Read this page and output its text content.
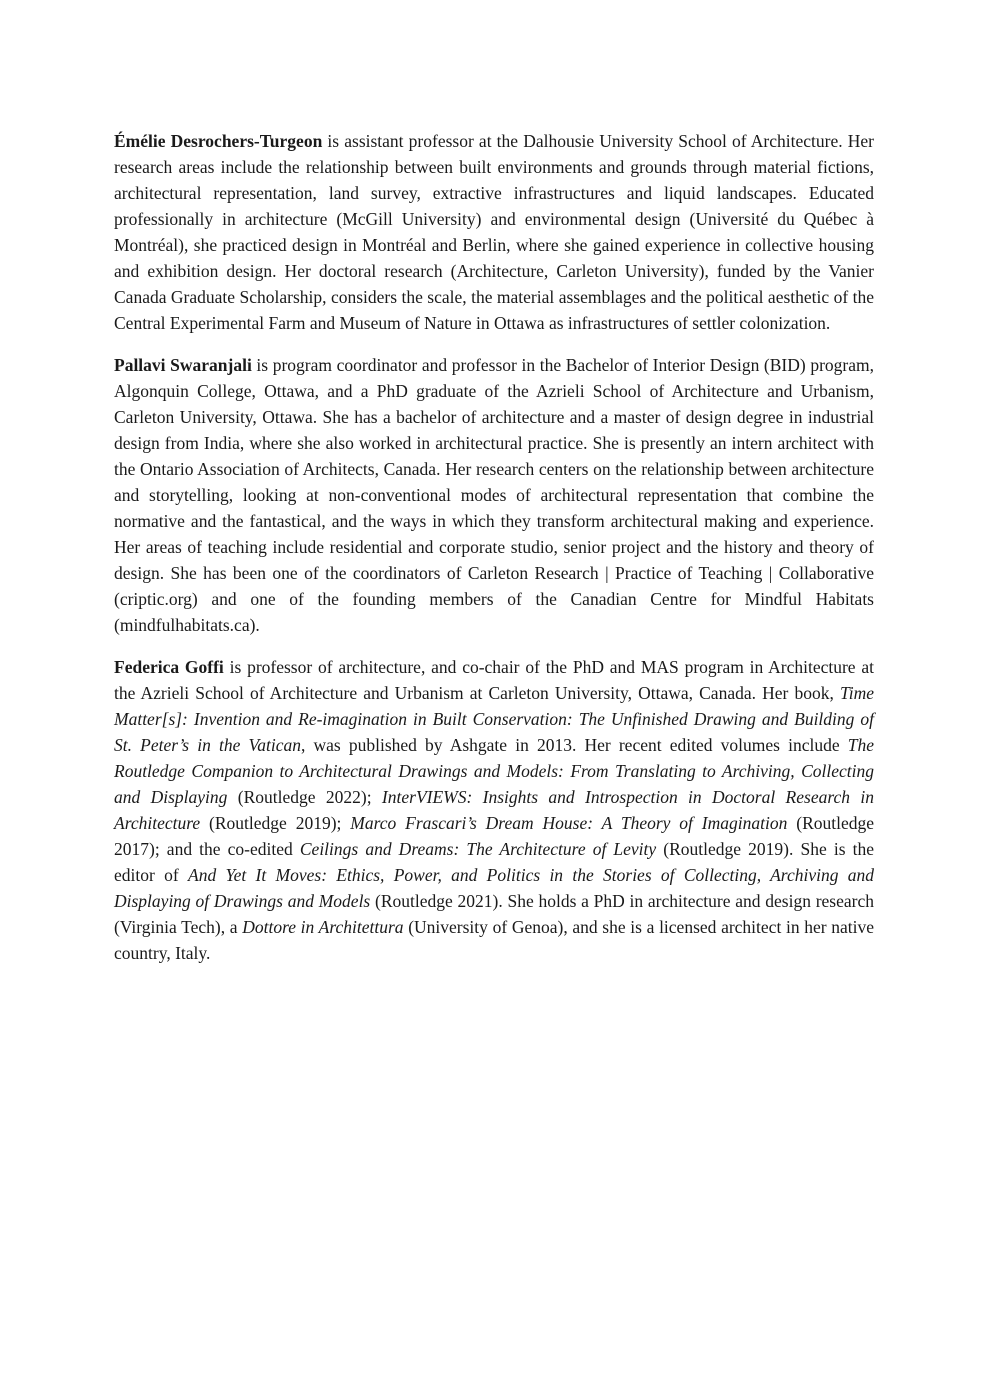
Émélie Desrochers-Turgeon is assistant professor at the Dalhousie University School of Architecture. Her research areas include the relationship between built environments and grounds through material fictions, architectural representation, land survey, extractive infrastructures and liquid landscapes. Educated professionally in architecture (McGill University) and environmental design (Université du Québec à Montréal), she practiced design in Montréal and Berlin, where she gained experience in collective housing and exhibition design. Her doctoral research (Architecture, Carleton University), funded by the Vanier Canada Graduate Scholarship, considers the scale, the material assemblages and the political aesthetic of the Central Experimental Farm and Museum of Nature in Ottawa as infrastructures of settler colonization.

Pallavi Swaranjali is program coordinator and professor in the Bachelor of Interior Design (BID) program, Algonquin College, Ottawa, and a PhD graduate of the Azrieli School of Architecture and Urbanism, Carleton University, Ottawa. She has a bachelor of architecture and a master of design degree in industrial design from India, where she also worked in architectural practice. She is presently an intern architect with the Ontario Association of Architects, Canada. Her research centers on the relationship between architecture and storytelling, looking at non-conventional modes of architectural representation that combine the normative and the fantastical, and the ways in which they transform architectural making and experience. Her areas of teaching include residential and corporate studio, senior project and the history and theory of design. She has been one of the coordinators of Carleton Research | Practice of Teaching | Collaborative (criptic.org) and one of the founding members of the Canadian Centre for Mindful Habitats (mindfulhabitats.ca).

Federica Goffi is professor of architecture, and co-chair of the PhD and MAS program in Architecture at the Azrieli School of Architecture and Urbanism at Carleton University, Ottawa, Canada. Her book, Time Matter[s]: Invention and Re-imagination in Built Conservation: The Unfinished Drawing and Building of St. Peter’s in the Vatican, was published by Ashgate in 2013. Her recent edited volumes include The Routledge Companion to Architectural Drawings and Models: From Translating to Archiving, Collecting and Displaying (Routledge 2022); InterVIEWS: Insights and Introspection in Doctoral Research in Architecture (Routledge 2019); Marco Frascari’s Dream House: A Theory of Imagination (Routledge 2017); and the co-edited Ceilings and Dreams: The Architecture of Levity (Routledge 2019). She is the editor of And Yet It Moves: Ethics, Power, and Politics in the Stories of Collecting, Archiving and Displaying of Drawings and Models (Routledge 2021). She holds a PhD in architecture and design research (Virginia Tech), a Dottore in Architettura (University of Genoa), and she is a licensed architect in her native country, Italy.
